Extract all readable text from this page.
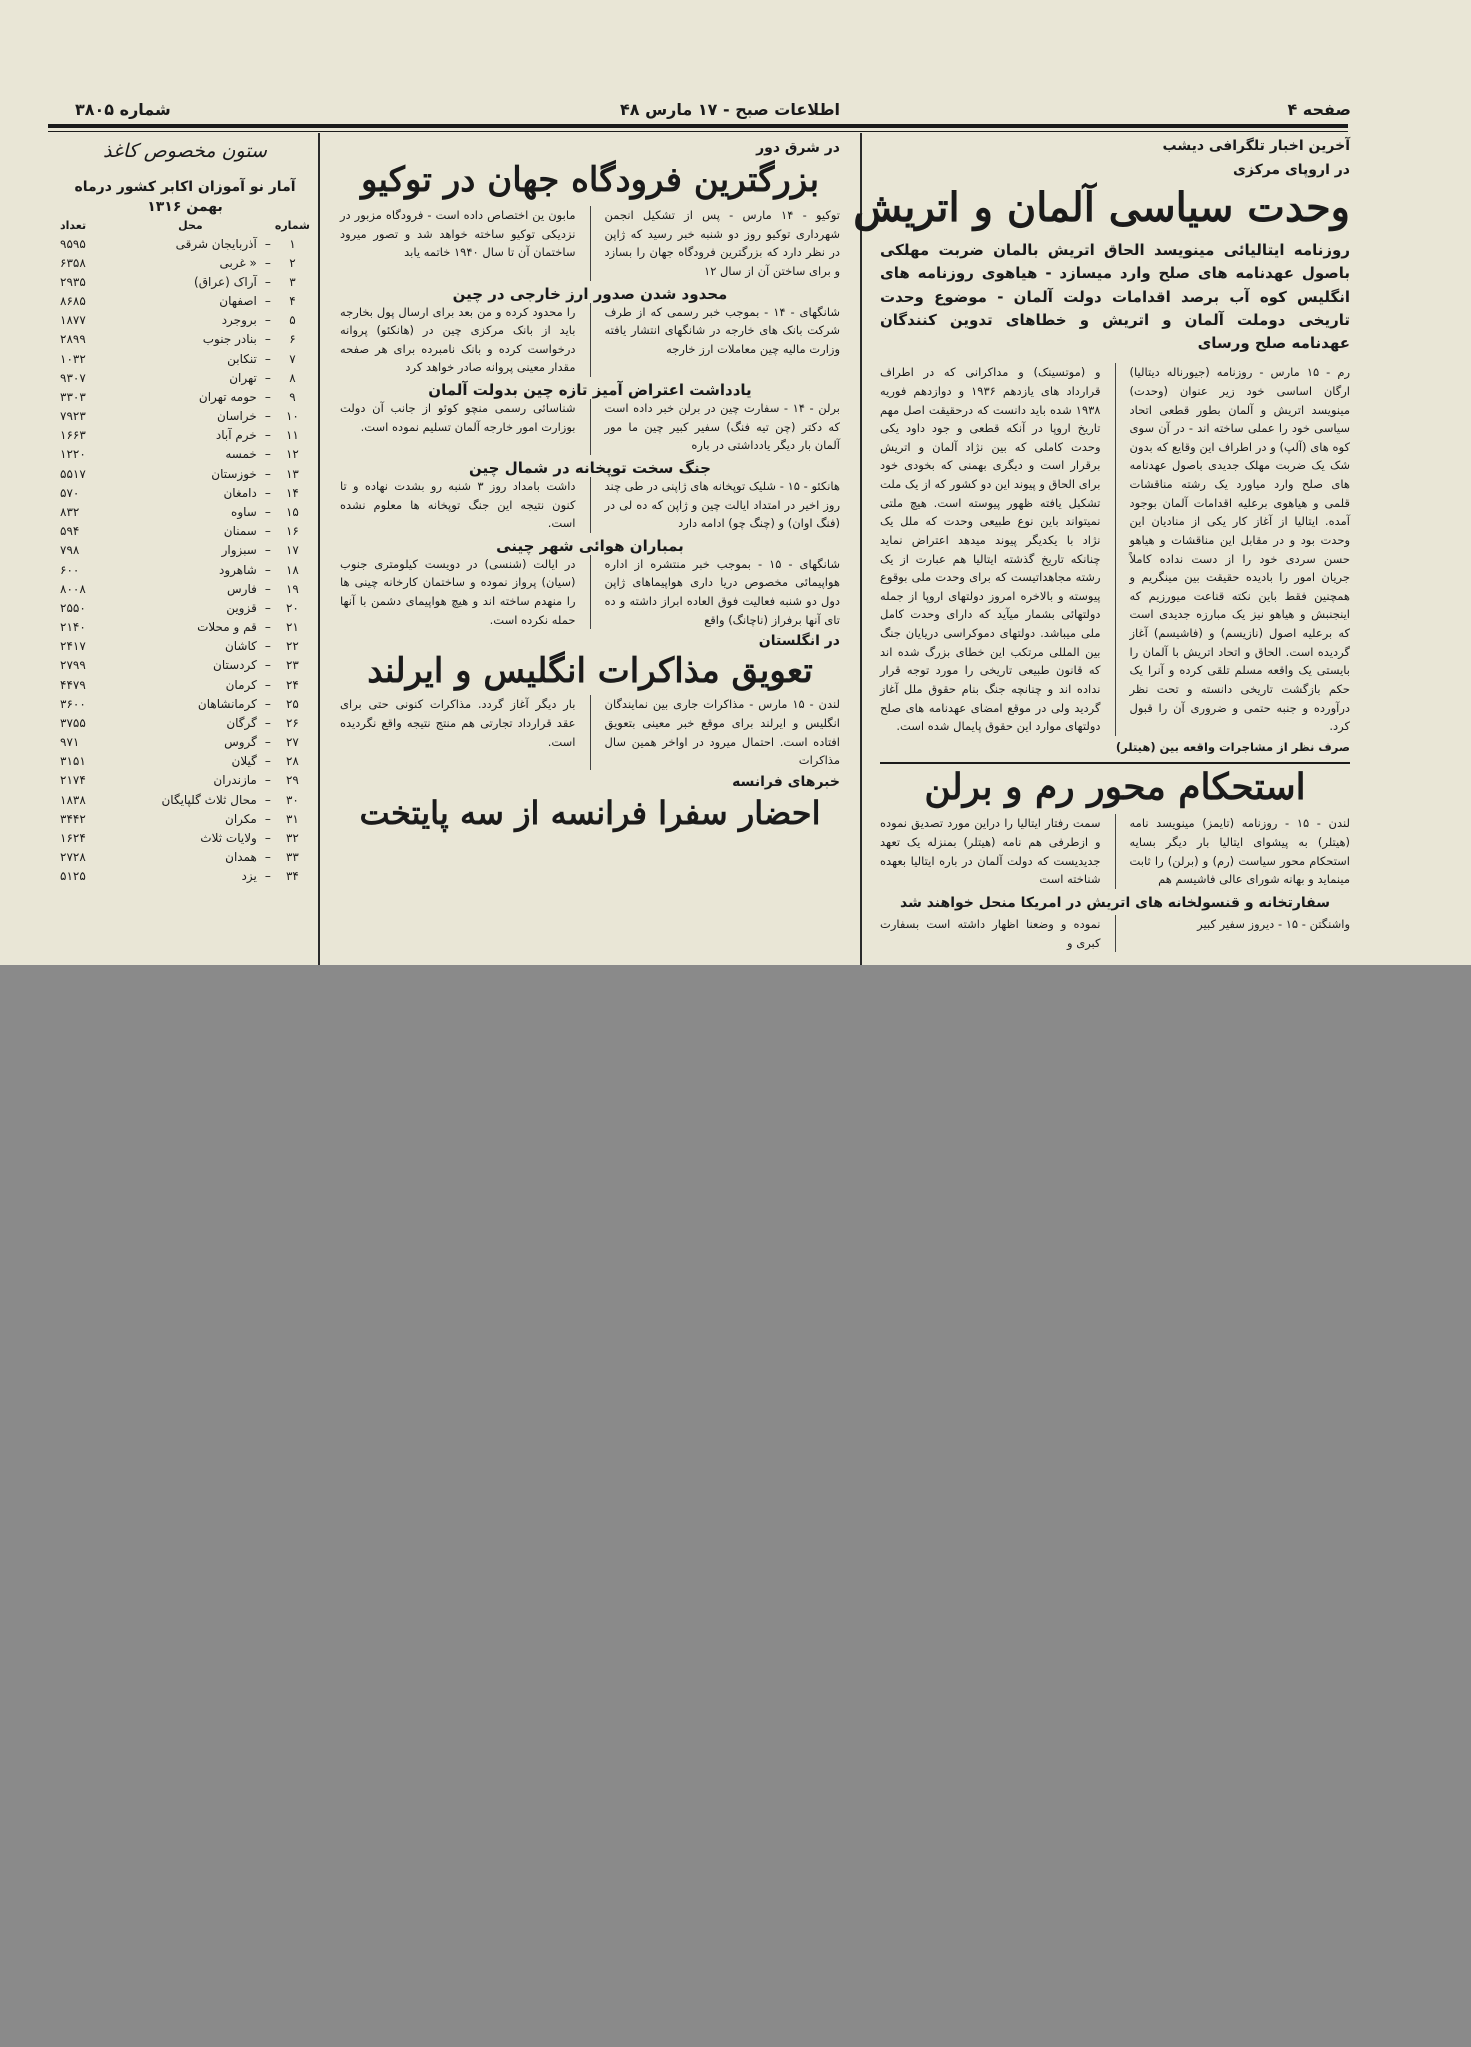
صفحه ۴
اطلاعات صبح - ۱۷ مارس ۴۸
شماره ۳۸۰۵
آخرین اخبار تلگرافی دیشب
در اروپای مرکزی
وحدت سیاسی آلمان و اتریش
روزنامه ایتالیائی مینویسد الحاق اتریش بالمان ضربت مهلکی باصول عهدنامه های صلح وارد میسازد - هیاهوی روزنامه های انگلیس کوه آب برصد اقدامات دولت آلمان - موضوع وحدت تاریخی دوملت آلمان و اتریش و خطاهای تدوین کنندگان عهدنامه صلح ورسای
رم - ۱۵ مارس - روزنامه (جیورناله دیتالیا) ارگان اساسی خود زیر عنوان (وحدت) مینویسد اتریش و آلمان بطور قطعی اتحاد سیاسی خود را عملی ساخته اند - در آن سوی کوه های (آلپ) و در اطراف این وقایع که بدون شک یک ضربت مهلک جدیدی باصول عهدنامه های صلح وارد میاورد یک رشته مناقشات قلمی و هیاهوی برعلیه اقدامات آلمان بوجود آمده. ایتالیا از آغاز کار یکی از منادیان این وحدت بود و در مقابل این مناقشات و هیاهو حسن سردی خود را از دست نداده کاملاً جریان امور را بادیده حقیقت بین مینگریم و همچنین فقط باین نکته قناعت میورزیم که اینجنبش و هیاهو نیز یک مبارزه جدیدی است که برعلیه اصول (نازیسم) و (فاشیسم) آغاز گردیده است. الحاق و اتحاد اتریش با آلمان را بایستی یک واقعه مسلم تلقی کرده و آنرا یک حکم بازگشت تاریخی دانسته و تحت نظر درآورده و جنبه حتمی و ضروری آن را قبول کرد.
و (موتسینک) و مداکرانی که در اطراف قرارداد های یازدهم ۱۹۳۶ و دوازدهم فوریه ۱۹۳۸ شده باید دانست که درحقیقت اصل مهم تاریخ اروپا در آنکه قطعی و جود داود یکی وحدت کاملی که بین نژاد آلمان و اتریش برقرار است و دیگری بهمنی که بخودی خود برای الحاق و پیوند این دو کشور که از یک ملت تشکیل یافته ظهور پیوسته است. هیچ ملتی نمیتواند باین نوع طبیعی وحدت که ملل یک نژاد با یکدیگر پیوند میدهد اعتراض نماید چنانکه تاریخ گذشته ایتالیا هم عبارت از یک رشته مجاهداتیست که برای وحدت ملی بوقوع پیوسته و بالاخره امروز دولتهای اروپا از جمله دولتهائی بشمار میآید که دارای وحدت کامل ملی میباشد. دولتهای دموکراسی دریایان جنگ بین المللی مرتکب این خطای بزرگ شده اند که قانون طبیعی تاریخی را مورد توجه قرار نداده اند و چنانچه جنگ بنام حقوق ملل آغاز گردید ولی در موقع امضای عهدنامه های صلح دولتهای موارد این حقوق پایمال شده است.
صرف نظر از مشاجرات واقعه بین (هیتلر)
استحکام محور رم و برلن
لندن - ۱۵ - روزنامه (تایمز) مینویسد نامه (هیتلر) به پیشوای ایتالیا بار دیگر بسایه استحکام محور سیاست (رم) و (برلن) را ثابت مینماید و بهانه شورای عالی فاشیسم هم
سمت رفتار ایتالیا را دراین مورد تصدیق نموده و ازطرفی هم نامه (هیتلر) بمنزله یک تعهد جدیدیست که دولت آلمان در باره ایتالیا بعهده شناخته است
سفارتخانه و قنسولخانه های اتریش در امریکا منحل خواهند شد
واشنگتن - ۱۵ - دیروز سفیر کبیر
نموده و وضعنا اظهار داشته است بسفارت کبری و
در شرق دور
بزرگترین فرودگاه جهان در توکیو
توکیو - ۱۴ مارس - پس از تشکیل انجمن شهرداری توکیو روز دو شنبه خبر رسید که ژاپن در نظر دارد که بزرگترین فرودگاه جهان را بسازد و برای ساختن آن از سال ۱۲
مابون ین اختصاص داده است - فرودگاه مزبور در نزدیکی توکیو ساخته خواهد شد و تصور میرود ساختمان آن تا سال ۱۹۴۰ خاتمه یابد
محدود شدن صدور ارز خارجی در چین
شانگهای - ۱۴ - بموجب خبر رسمی که از طرف شرکت بانک های خارجه در شانگهای انتشار یافته وزارت مالیه چین معاملات ارز خارجه
را محدود کرده و من بعد برای ارسال پول بخارجه باید از بانک مرکزی چین در (هانکئو) پروانه درخواست کرده و بانک نامبرده برای هر صفحه مقدار معینی پروانه صادر خواهد کرد
یادداشت اعتراض آمیز تازه چین بدولت آلمان
برلن - ۱۴ - سفارت چین در برلن خبر داده است که دکتر (چن تیه فنگ) سفیر کبیر چین ما مور آلمان بار دیگر یادداشتی در باره
شناسائی رسمی منچو کوئو از جانب آن دولت بوزارت امور خارجه آلمان تسلیم نموده است.
جنگ سخت توپخانه در شمال چین
هانکئو - ۱۵ - شلیک توپخانه های ژاپنی در طی چند روز اخیر در امتداد ایالت چین و ژاپن که ده لی در (فنگ اوان) و (چنگ چو) ادامه دارد
داشت بامداد روز ۳ شنبه رو بشدت نهاده و تا کنون نتیجه این جنگ توپخانه ها معلوم نشده است.
بمباران هوائی شهر چینی
شانگهای - ۱۵ - بموجب خبر منتشره از اداره هواپیمائی مخصوص دریا داری هواپیماهای ژاپن دول دو شنبه فعالیت فوق العاده ابراز داشته و ده تای آنها برفراز (ناچانگ) واقع
در ایالت (شنسی) در دویست کیلومتری جنوب (سیان) پرواز نموده و ساختمان کارخانه چینی ها را منهدم ساخته اند و هیچ هواپیمای دشمن با آنها حمله نکرده است.
در انگلستان
تعویق مذاکرات انگلیس و ایرلند
لندن - ۱۵ مارس - مذاکرات جاری بین نمایندگان انگلیس و ایرلند برای موقع خبر معینی بتعویق افتاده است. احتمال میرود در اواخر همین سال مذاکرات
بار دیگر آغاز گردد. مذاکرات کنونی حتی برای عقد قرارداد تجارتی هم منتج نتیجه واقع نگردیده است.
خبرهای فرانسه
احضار سفرا فرانسه از سه پایتخت
ستون مخصوص کاغذ
آمار نو آموزان اکابر کشور درماه بهمن ۱۳۱۶
شماره		محل	تعداد
۱	–	آذربایجان شرقی	۹۵۹۵
۲	–	« غربی	۶۳۵۸
۳	–	آراک (عراق)	۲۹۳۵
۴	–	اصفهان	۸۶۸۵
۵	–	بروجرد	۱۸۷۷
۶	–	بنادر جنوب	۲۸۹۹
۷	–	تنکابن	۱۰۳۲
۸	–	تهران	۹۳۰۷
۹	–	حومه تهران	۳۳۰۳
۱۰	–	خراسان	۷۹۲۳
۱۱	–	خرم آباد	۱۶۶۳
۱۲	–	خمسه	۱۲۲۰
۱۳	–	خوزستان	۵۵۱۷
۱۴	–	دامغان	۵۷۰
۱۵	–	ساوه	۸۳۲
۱۶	–	سمنان	۵۹۴
۱۷	–	سبزوار	۷۹۸
۱۸	–	شاهرود	۶۰۰
۱۹	–	فارس	۸۰۰۸
۲۰	–	قزوین	۲۵۵۰
۲۱	–	قم و محلات	۲۱۴۰
۲۲	–	کاشان	۲۴۱۷
۲۳	–	کردستان	۲۷۹۹
۲۴	–	کرمان	۴۴۷۹
۲۵	–	کرمانشاهان	۳۶۰۰
۲۶	–	گرگان	۳۷۵۵
۲۷	–	گروس	۹۷۱
۲۸	–	گیلان	۳۱۵۱
۲۹	–	مازندران	۲۱۷۴
۳۰	–	محال ثلاث گلپایگان	۱۸۳۸
۳۱	–	مکران	۳۴۴۲
۳۲	–	ولایات ثلاث	۱۶۲۴
۳۳	–	همدان	۲۷۲۸
۳۴	–	یزد	۵۱۲۵
